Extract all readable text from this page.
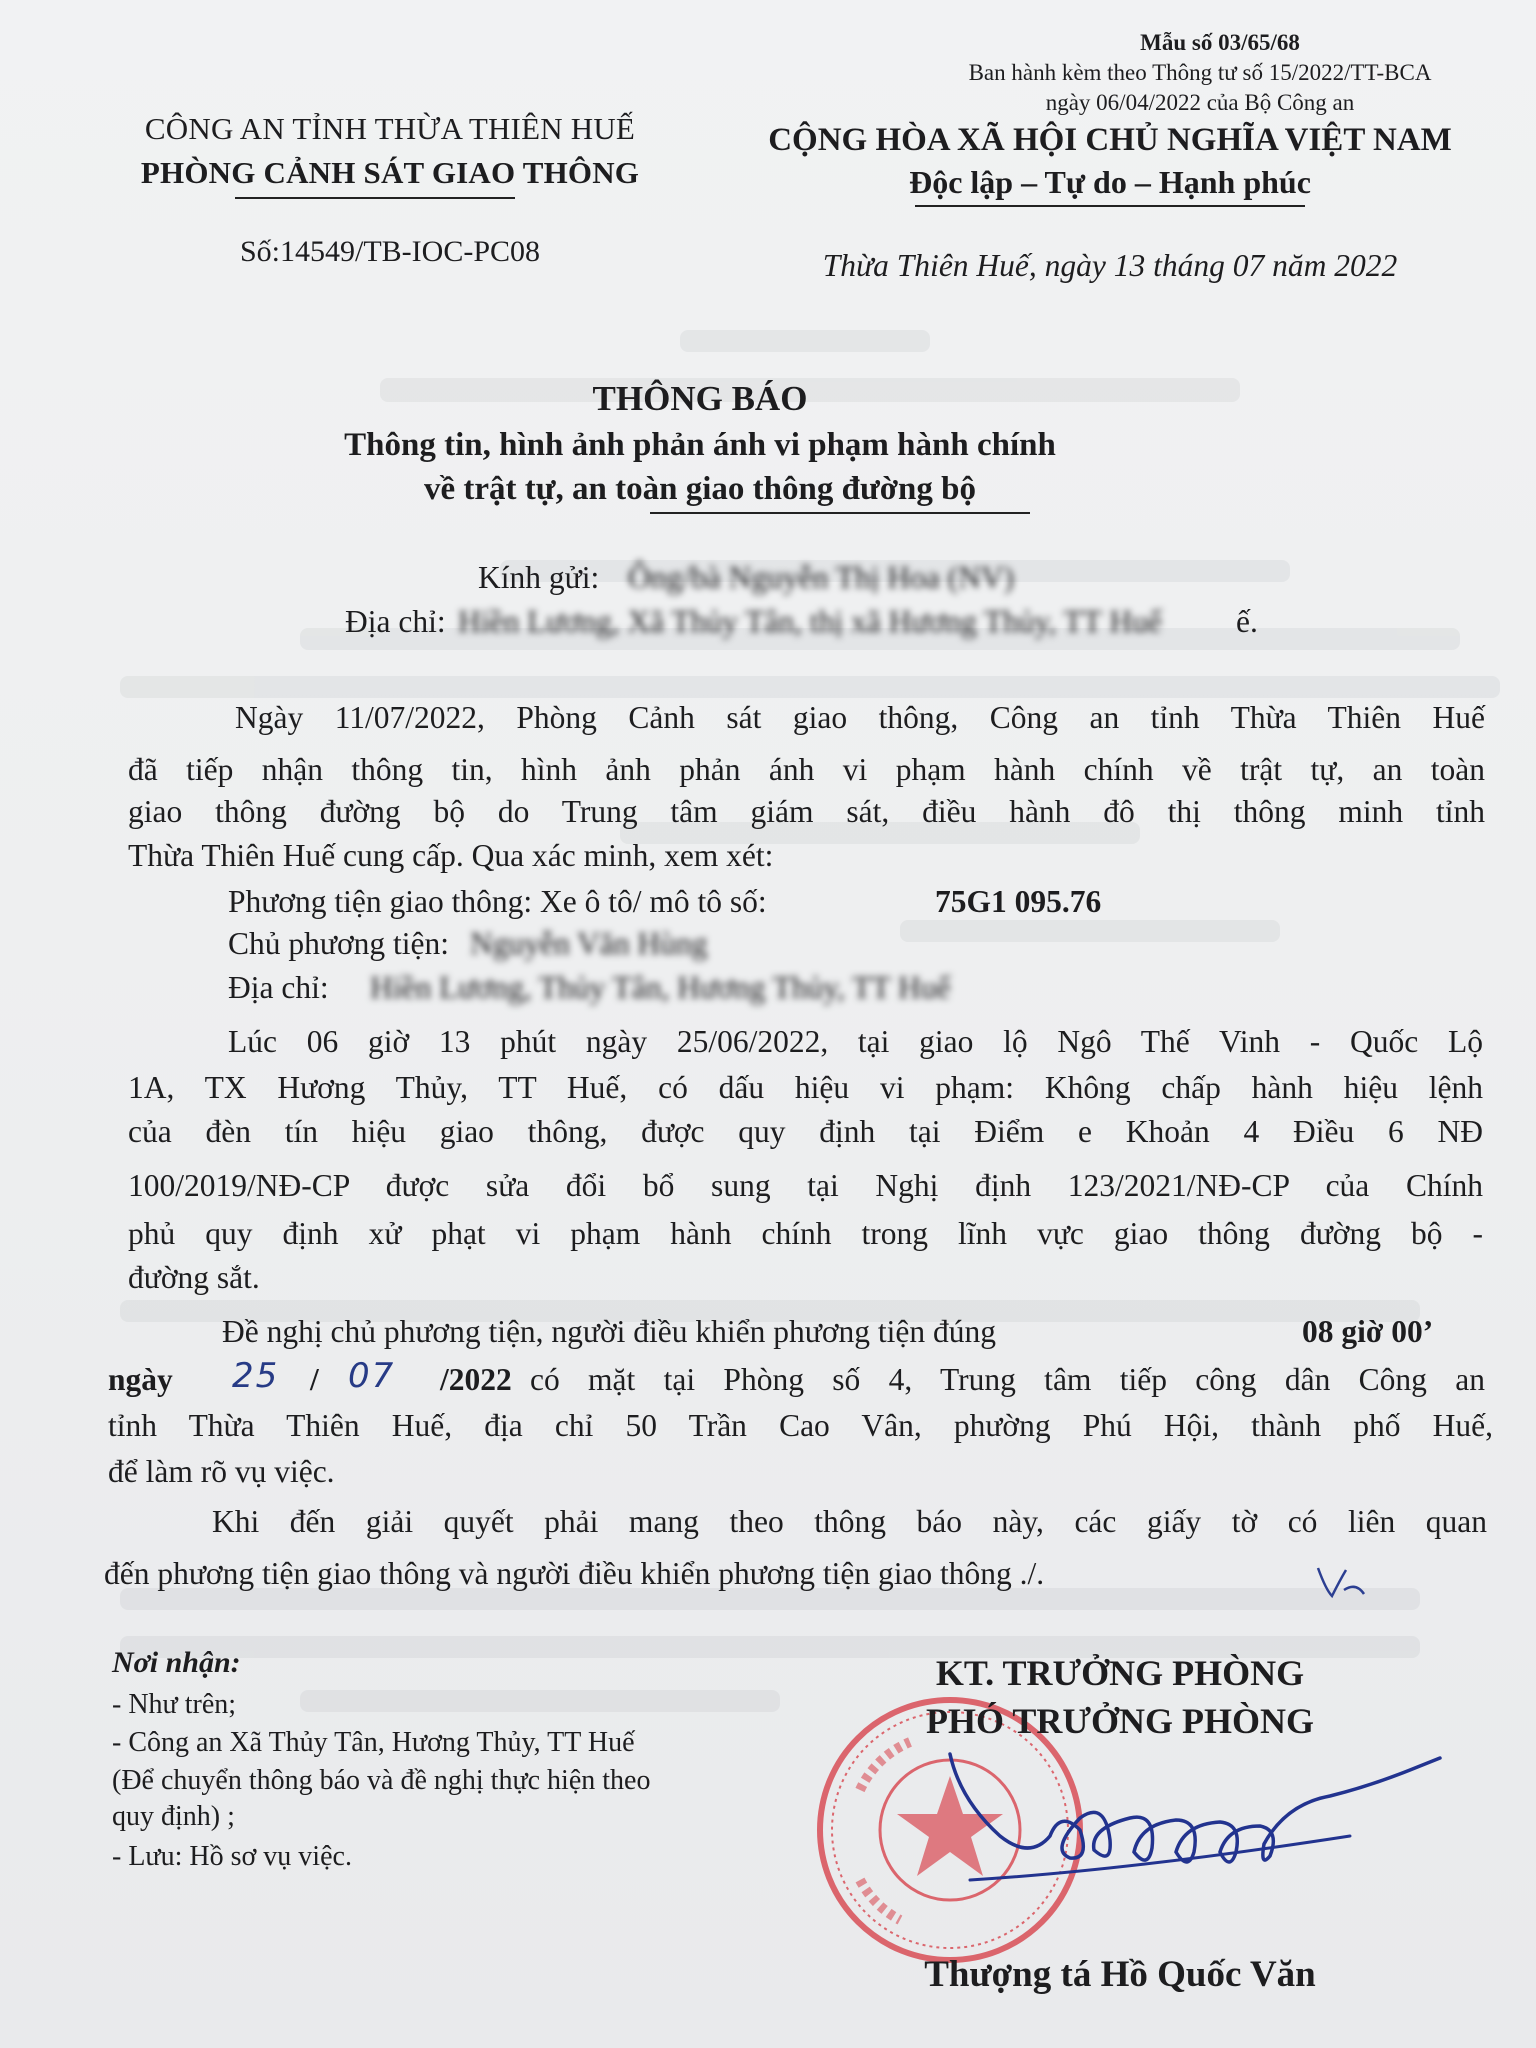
Mẫu số 03/65/68
Ban hành kèm theo Thông tư số 15/2022/TT-BCA
ngày 06/04/2022 của Bộ Công an
CÔNG AN TỈNH THỪA THIÊN HUẾ
PHÒNG CẢNH SÁT GIAO THÔNG
Số:14549/TB-IOC-PC08
CỘNG HÒA XÃ HỘI CHỦ NGHĨA VIỆT NAM
Độc lập – Tự do – Hạnh phúc
Thừa Thiên Huế, ngày 13 tháng 07 năm 2022
THÔNG BÁO
Thông tin, hình ảnh phản ánh vi phạm hành chính
về trật tự, an toàn giao thông đường bộ
Kính gửi: Ông/bà Nguyễn Thị Hoa (NV)
Địa chỉ: Hiền Lương, Xã Thủy Tân, thị xã Hương Thủy, TT Huế ế.
Ngày 11/07/2022, Phòng Cảnh sát giao thông, Công an tỉnh Thừa Thiên Huế
đã tiếp nhận thông tin, hình ảnh phản ánh vi phạm hành chính về trật tự, an toàn
giao thông đường bộ do Trung tâm giám sát, điều hành đô thị thông minh tỉnh
Thừa Thiên Huế cung cấp. Qua xác minh, xem xét:
Phương tiện giao thông: Xe ô tô/ mô tô số:	75G1 095.76
Chủ phương tiện: Nguyễn Văn Hùng
Địa chỉ: Hiền Lương, Thủy Tân, Hương Thủy, TT Huế
Lúc 06 giờ 13 phút ngày 25/06/2022, tại giao lộ Ngô Thế Vinh - Quốc Lộ
1A, TX Hương Thủy, TT Huế, có dấu hiệu vi phạm: Không chấp hành hiệu lệnh
của đèn tín hiệu giao thông, được quy định tại Điểm e Khoản 4 Điều 6 NĐ
100/2019/NĐ-CP được sửa đổi bổ sung tại Nghị định 123/2021/NĐ-CP của Chính
phủ quy định xử phạt vi phạm hành chính trong lĩnh vực giao thông đường bộ -
đường sắt.
Đề nghị chủ phương tiện, người điều khiển phương tiện đúng	08 giờ 00’
ngày 25 / 07 /2022 có mặt tại Phòng số 4, Trung tâm tiếp công dân Công an
tỉnh Thừa Thiên Huế, địa chỉ 50 Trần Cao Vân, phường Phú Hội, thành phố Huế,
để làm rõ vụ việc.
Khi đến giải quyết phải mang theo thông báo này, các giấy tờ có liên quan
đến phương tiện giao thông và người điều khiển phương tiện giao thông ./.
Nơi nhận:
- Như trên;
- Công an Xã Thủy Tân, Hương Thủy, TT Huế
(Để chuyển thông báo và đề nghị thực hiện theo
quy định) ;
- Lưu: Hồ sơ vụ việc.
KT. TRƯỞNG PHÒNG
PHÓ TRƯỞNG PHÒNG
Thượng tá Hồ Quốc Văn
